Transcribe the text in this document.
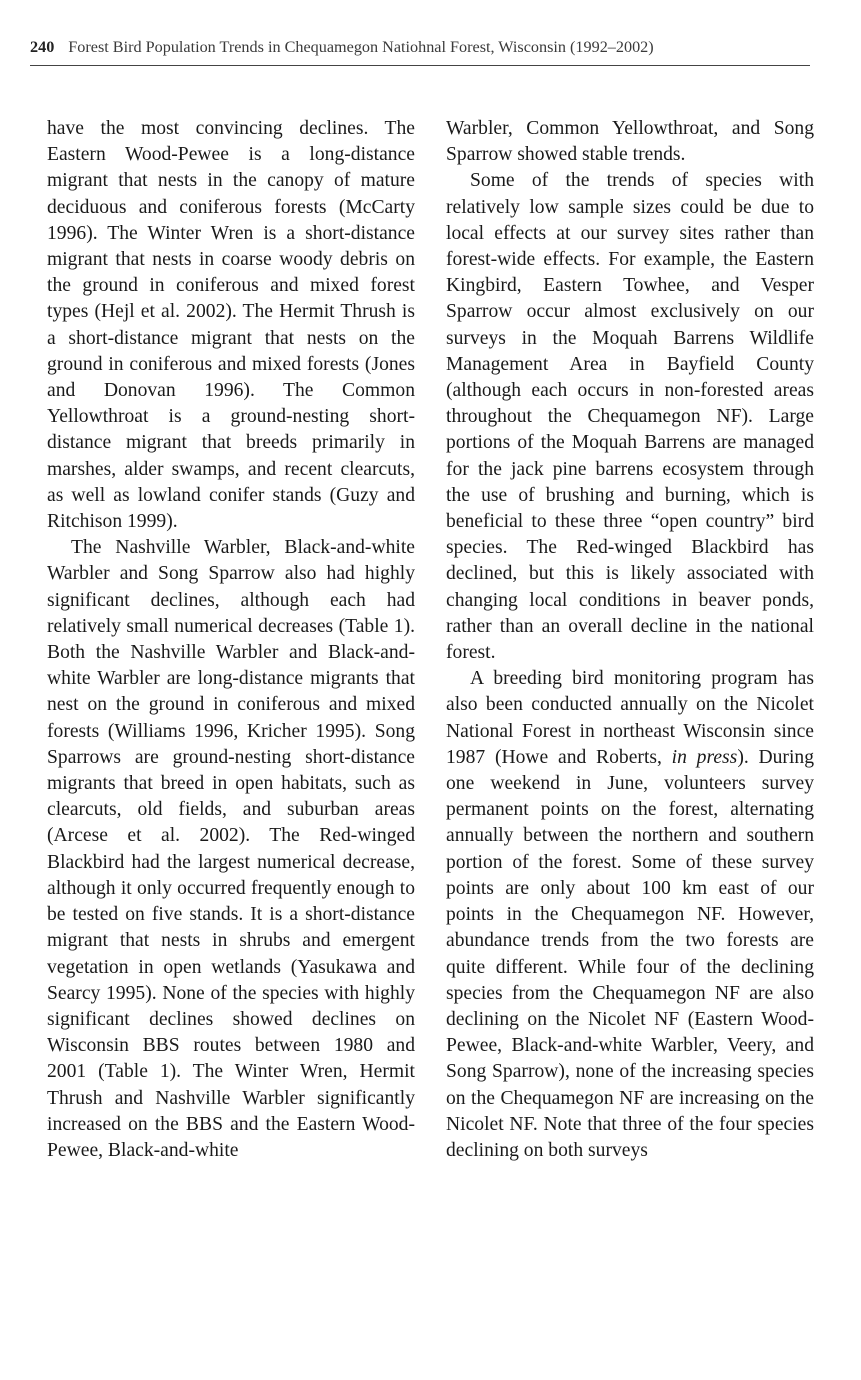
240 Forest Bird Population Trends in Chequamegon Natiohnal Forest, Wisconsin (1992–2002)

have the most convincing declines. The Eastern Wood-Pewee is a long-distance migrant that nests in the canopy of mature deciduous and coniferous forests (McCarty 1996). The Winter Wren is a short-distance migrant that nests in coarse woody debris on the ground in coniferous and mixed forest types (Hejl et al. 2002). The Hermit Thrush is a short-distance migrant that nests on the ground in coniferous and mixed forests (Jones and Donovan 1996). The Common Yellowthroat is a ground-nesting short-distance migrant that breeds primarily in marshes, alder swamps, and recent clearcuts, as well as lowland conifer stands (Guzy and Ritchison 1999).

The Nashville Warbler, Black-and-white Warbler and Song Sparrow also had highly significant declines, although each had relatively small numerical decreases (Table 1). Both the Nashville Warbler and Black-and-white Warbler are long-distance migrants that nest on the ground in coniferous and mixed forests (Williams 1996, Kricher 1995). Song Sparrows are ground-nesting short-distance migrants that breed in open habitats, such as clearcuts, old fields, and suburban areas (Arcese et al. 2002). The Red-winged Blackbird had the largest numerical decrease, although it only occurred frequently enough to be tested on five stands. It is a short-distance migrant that nests in shrubs and emergent vegetation in open wetlands (Yasukawa and Searcy 1995). None of the species with highly significant declines showed declines on Wisconsin BBS routes between 1980 and 2001 (Table 1). The Winter Wren, Hermit Thrush and Nashville Warbler significantly increased on the BBS and the Eastern Wood-Pewee, Black-and-white

Warbler, Common Yellowthroat, and Song Sparrow showed stable trends.

Some of the trends of species with relatively low sample sizes could be due to local effects at our survey sites rather than forest-wide effects. For example, the Eastern Kingbird, Eastern Towhee, and Vesper Sparrow occur almost exclusively on our surveys in the Moquah Barrens Wildlife Management Area in Bayfield County (although each occurs in non-forested areas throughout the Chequamegon NF). Large portions of the Moquah Barrens are managed for the jack pine barrens ecosystem through the use of brushing and burning, which is beneficial to these three “open country” bird species. The Red-winged Blackbird has declined, but this is likely associated with changing local conditions in beaver ponds, rather than an overall decline in the national forest.

A breeding bird monitoring program has also been conducted annually on the Nicolet National Forest in northeast Wisconsin since 1987 (Howe and Roberts, in press). During one weekend in June, volunteers survey permanent points on the forest, alternating annually between the northern and southern portion of the forest. Some of these survey points are only about 100 km east of our points in the Chequamegon NF. However, abundance trends from the two forests are quite different. While four of the declining species from the Chequamegon NF are also declining on the Nicolet NF (Eastern Wood-Pewee, Black-and-white Warbler, Veery, and Song Sparrow), none of the increasing species on the Chequamegon NF are increasing on the Nicolet NF. Note that three of the four species declining on both surveys
